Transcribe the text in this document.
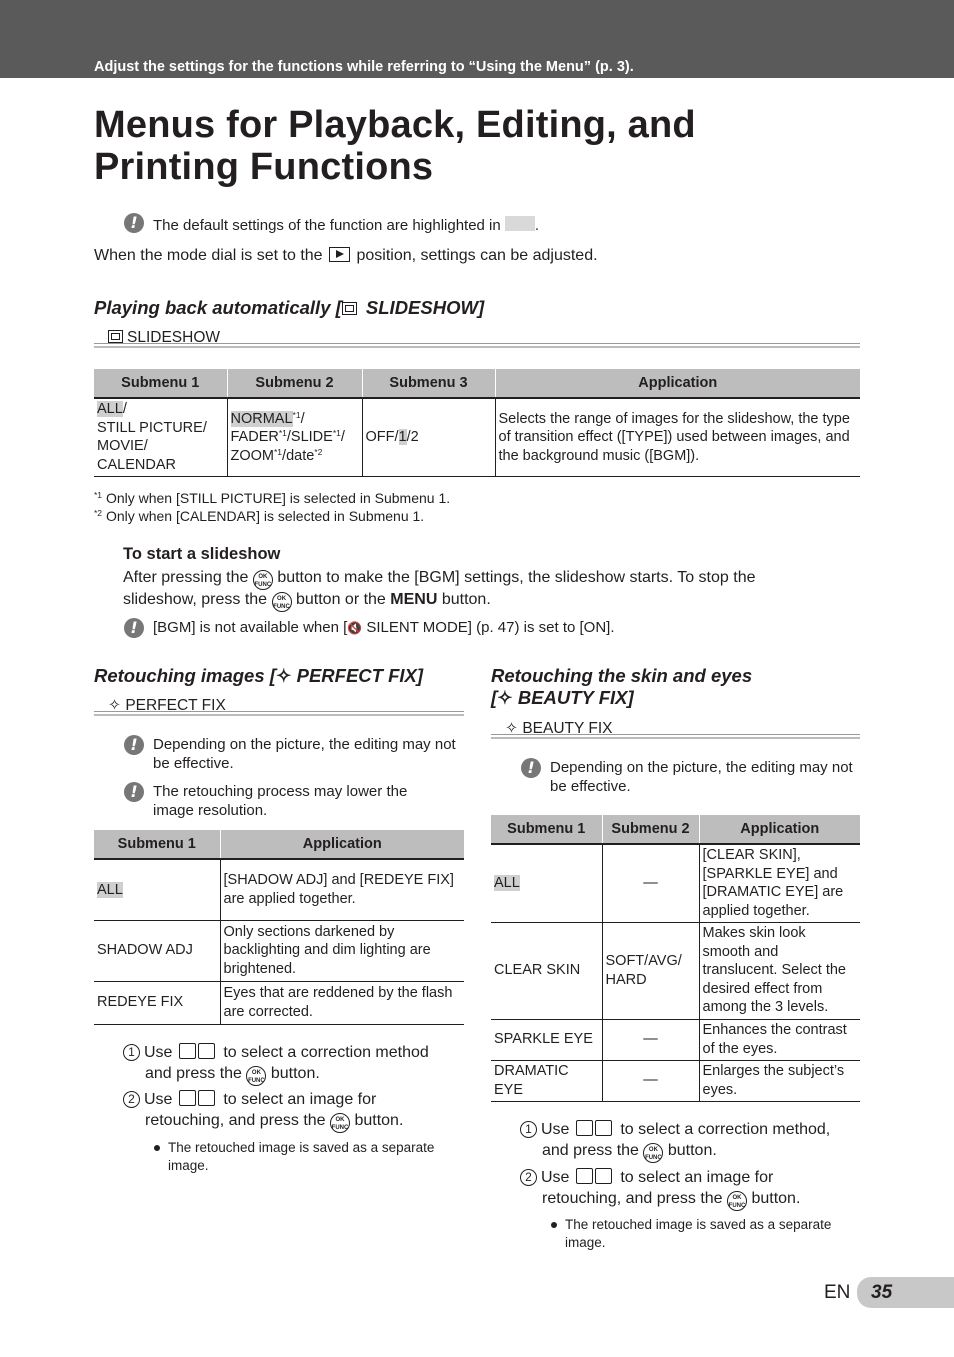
Adjust the settings for the functions while referring to “Using the Menu” (p. 3).
Menus for Playback, Editing, and
Printing Functions
!	The default settings of the function are highlighted in .
When the mode dial is set to the position, settings can be adjusted.
Playing back automatically [ SLIDESHOW]
SLIDESHOW
Submenu 1	Submenu 2	Submenu 3	Application
ALL/
STILL PICTURE/
MOVIE/
CALENDAR	NORMAL$^{*1}$/
FADER$^{*1}$/SLIDE$^{*1}$/
ZOOM$^{*1}$/date$^{*2}$	OFF/1/2	Selects the range of images for the slideshow, the type of transition effect ([TYPE]) used between images, and the background music ([BGM]).
$^{*1}$ Only when [STILL PICTURE] is selected in Submenu 1.
$^{*2}$ Only when [CALENDAR] is selected in Submenu 1.
To start a slideshow
After pressing the OK
FUNC button to make the [BGM] settings, the slideshow starts. To stop the
slideshow, press the OK
FUNC button or the MENU button.
!	[BGM] is not available when [🔇 SILENT MODE] (p. 47) is set to [ON].
Retouching images [✧ PERFECT FIX]
✧ PERFECT FIX
!	Depending on the picture, the editing may not be effective.
!	The retouching process may lower the image resolution.
Submenu 1	Application
ALL	[SHADOW ADJ] and [REDEYE FIX] are applied together.
SHADOW ADJ	Only sections darkened by backlighting and dim lighting are brightened.
REDEYE FIX	Eyes that are reddened by the flash are corrected.
1 Use	to select a correction method
and press the OK
FUNC button.
2 Use	to select an image for
retouching, and press the OK
FUNC button.
The retouched image is saved as a separate image.
Retouching the skin and eyes
[✧ BEAUTY FIX]
✧ BEAUTY FIX
!	Depending on the picture, the editing may not be effective.
Submenu 1	Submenu 2	Application
ALL	—	[CLEAR SKIN], [SPARKLE EYE] and [DRAMATIC EYE] are applied together.
CLEAR SKIN	SOFT/AVG/ HARD	Makes skin look smooth and translucent. Select the desired effect from among the 3 levels.
SPARKLE EYE	—	Enhances the contrast of the eyes.
DRAMATIC EYE	—	Enlarges the subject’s eyes.
1 Use	to select a correction method,
and press the OK
FUNC button.
2 Use	to select an image for
retouching, and press the OK
FUNC button.
The retouched image is saved as a separate image.
EN 35
